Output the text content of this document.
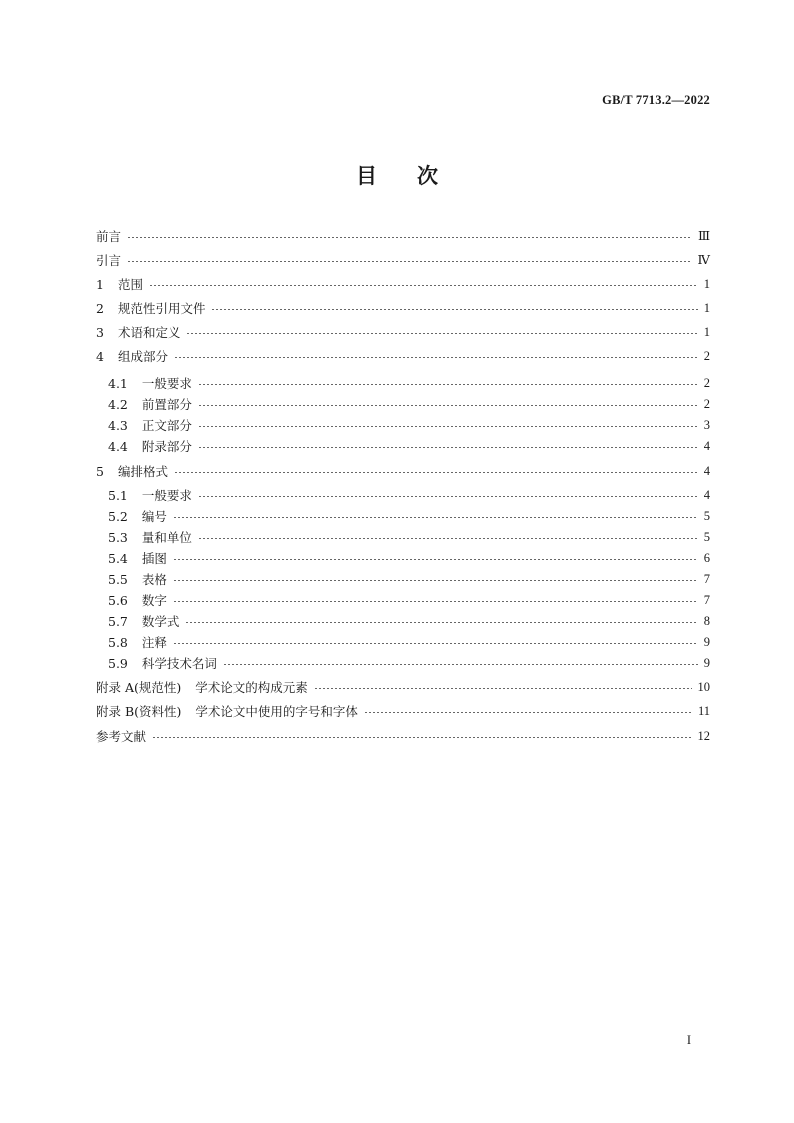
GB/T 7713.2—2022
目 次
前言	Ⅲ
引言	Ⅳ
1 范围	1
2 规范性引用文件	1
3 术语和定义	1
4 组成部分	2
4.1 一般要求	2
4.2 前置部分	2
4.3 正文部分	3
4.4 附录部分	4
5 编排格式	4
5.1 一般要求	4
5.2 编号	5
5.3 量和单位	5
5.4 插图	6
5.5 表格	7
5.6 数字	7
5.7 数学式	8
5.8 注释	9
5.9 科学技术名词	9
附录 A(规范性) 学术论文的构成元素	10
附录 B(资料性) 学术论文中使用的字号和字体	11
参考文献	12
I
